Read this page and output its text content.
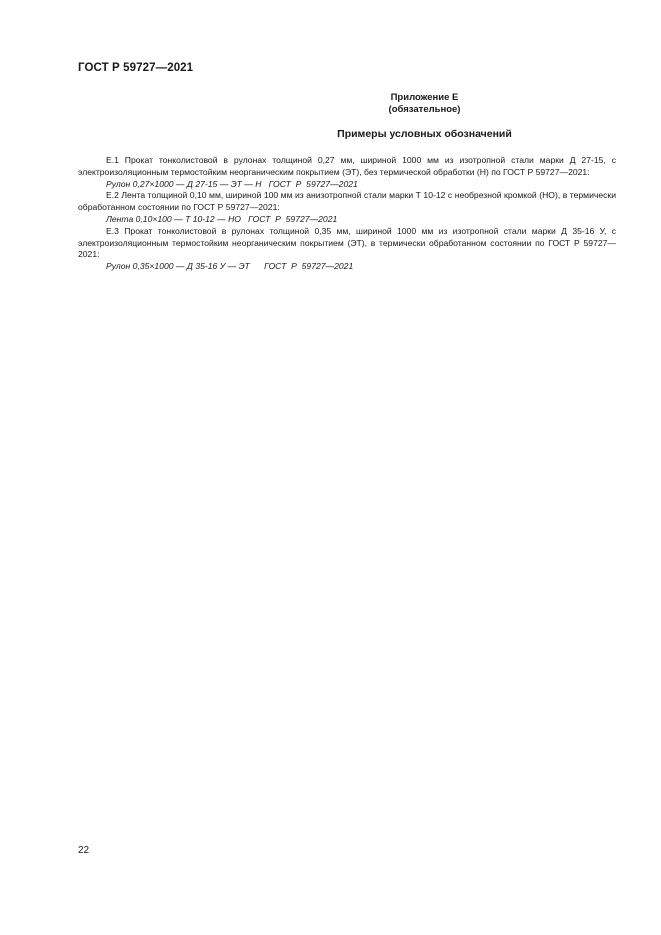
ГОСТ Р 59727—2021
Приложение Е
(обязательное)
Примеры условных обозначений

Е.1 Прокат тонколистовой в рулонах толщиной 0,27 мм, шириной 1000 мм из изотропной стали марки Д 27-15, с электроизоляционным термостойким неорганическим покрытием (ЭТ), без термической обработки (Н) по ГОСТ Р 59727—2021:

Рулон 0,27×1000 — Д 27-15 — ЭТ — Н   ГОСТ  Р  59727—2021

Е.2 Лента толщиной 0,10 мм, шириной 100 мм из анизотропной стали марки Т 10-12 с необрезной кромкой (НО), в термически обработанном состоянии по ГОСТ Р 59727—2021:

Лента 0,10×100 — Т 10-12 — НО   ГОСТ  Р  59727—2021

Е.3 Прокат тонколистовой в рулонах толщиной 0,35 мм, шириной 1000 мм из изотропной стали марки Д 35-16 У, с электроизоляционным термостойким неорганическим покрытием (ЭТ), в термически обработанном состоянии по ГОСТ Р 59727—2021:

Рулон 0,35×1000 — Д 35-16 У — ЭТ      ГОСТ  Р  59727—2021

22
